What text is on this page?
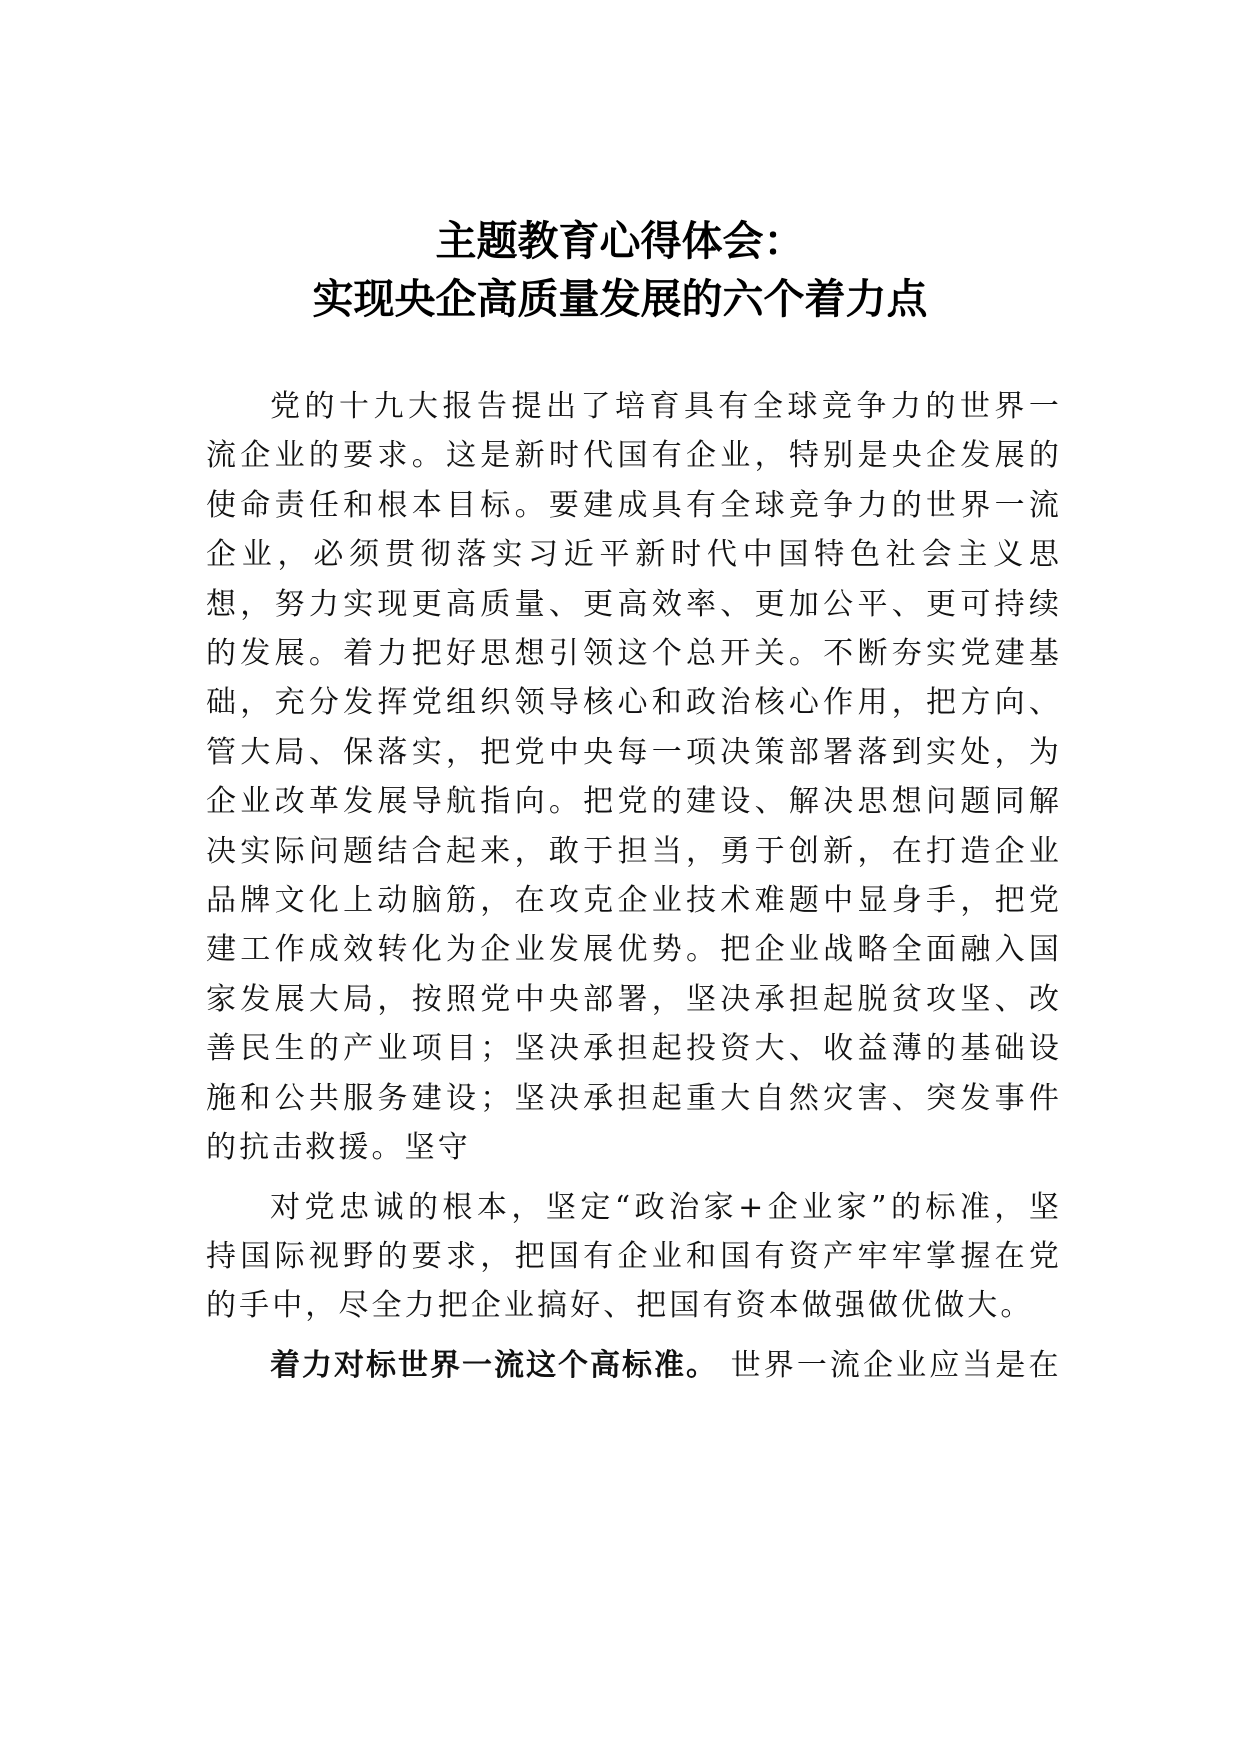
主题教育心得体会：
实现央企高质量发展的六个着力点

党的十九大报告提出了培育具有全球竞争力的世界一流企业的要求。这是新时代国有企业，特别是央企发展的使命责任和根本目标。要建成具有全球竞争力的世界一流企业，必须贯彻落实习近平新时代中国特色社会主义思想，努力实现更高质量、更高效率、更加公平、更可持续的发展。着力把好思想引领这个总开关。不断夯实党建基础，充分发挥党组织领导核心和政治核心作用，把方向、管大局、保落实，把党中央每一项决策部署落到实处，为企业改革发展导航指向。把党的建设、解决思想问题同解决实际问题结合起来，敢于担当，勇于创新，在打造企业品牌文化上动脑筋，在攻克企业技术难题中显身手，把党建工作成效转化为企业发展优势。把企业战略全面融入国家发展大局，按照党中央部署，坚决承担起脱贫攻坚、改善民生的产业项目；坚决承担起投资大、收益薄的基础设施和公共服务建设；坚决承担起重大自然灾害、突发事件的抗击救援。坚守

对党忠诚的根本，坚定“政治家+企业家”的标准，坚持国际视野的要求，把国有企业和国有资产牢牢掌握在党的手中，尽全力把企业搞好、把国有资本做强做优做大。

着力对标世界一流这个高标准。 世界一流企业应当是在
